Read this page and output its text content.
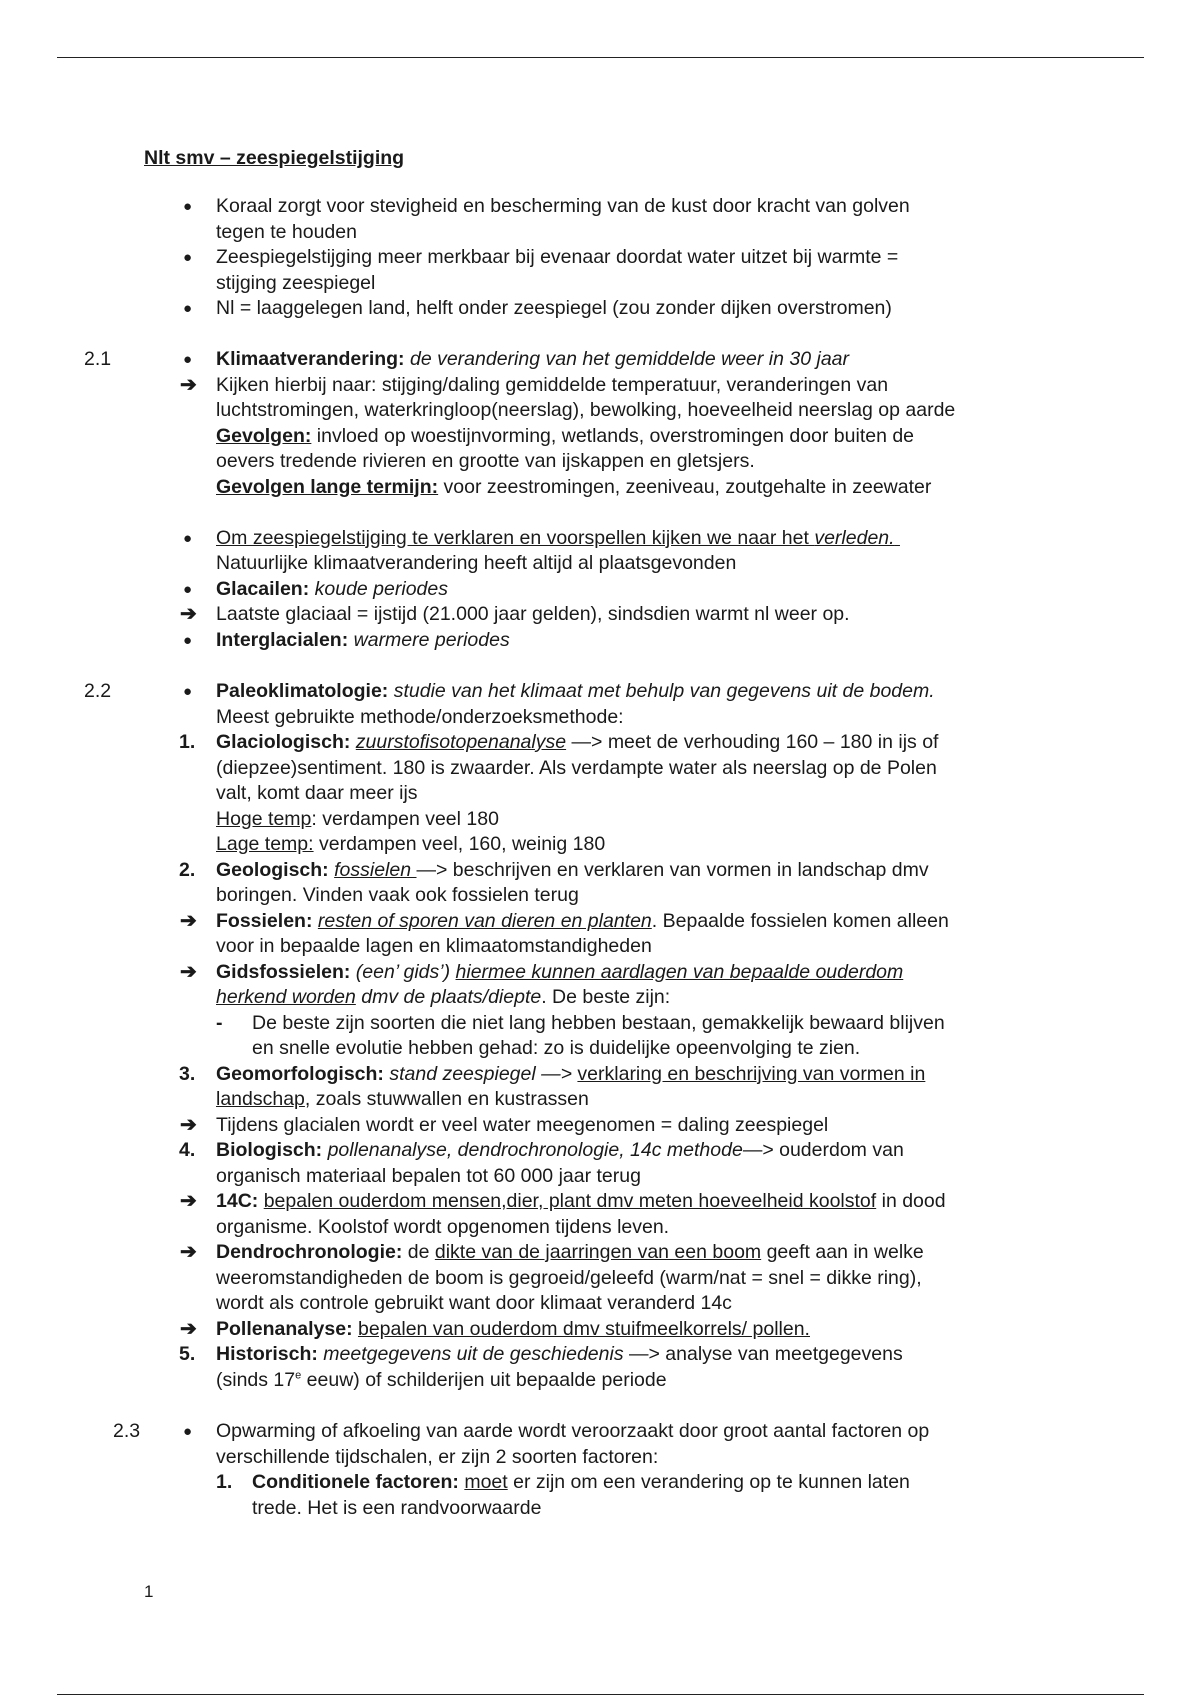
Nlt smv – zeespiegelstijging
● Koraal zorgt voor stevigheid en bescherming van de kust door kracht van golven
tegen te houden
● Zeespiegelstijging meer merkbaar bij evenaar doordat water uitzet bij warmte =
stijging zeespiegel
● Nl = laaggelegen land, helft onder zeespiegel (zou zonder dijken overstromen)
2.1	● Klimaatverandering: de verandering van het gemiddelde weer in 30 jaar
➔ Kijken hierbij naar: stijging/daling gemiddelde temperatuur, veranderingen van
luchtstromingen, waterkringloop(neerslag), bewolking, hoeveelheid neerslag op aarde
Gevolgen: invloed op woestijnvorming, wetlands, overstromingen door buiten de
oevers tredende rivieren en grootte van ijskappen en gletsjers.
Gevolgen lange termijn: voor zeestromingen, zeeniveau, zoutgehalte in zeewater
● Om zeespiegelstijging te verklaren en voorspellen kijken we naar het verleden.
Natuurlijke klimaatverandering heeft altijd al plaatsgevonden
● Glacailen: koude periodes
➔ Laatste glaciaal = ijstijd (21.000 jaar gelden), sindsdien warmt nl weer op.
● Interglacialen: warmere periodes
2.2	● Paleoklimatologie: studie van het klimaat met behulp van gegevens uit de bodem.
Meest gebruikte methode/onderzoeksmethode:
1. Glaciologisch: zuurstofisotopenanalyse —> meet de verhouding 160 – 180 in ijs of
(diepzee)sentiment. 180 is zwaarder. Als verdampte water als neerslag op de Polen
valt, komt daar meer ijs
Hoge temp: verdampen veel 180
Lage temp: verdampen veel, 160, weinig 180
2. Geologisch: fossielen —> beschrijven en verklaren van vormen in landschap dmv
boringen. Vinden vaak ook fossielen terug
➔ Fossielen: resten of sporen van dieren en planten. Bepaalde fossielen komen alleen
voor in bepaalde lagen en klimaatomstandigheden
➔ Gidsfossielen: (een’ gids’) hiermee kunnen aardlagen van bepaalde ouderdom
herkend worden dmv de plaats/diepte. De beste zijn:
- De beste zijn soorten die niet lang hebben bestaan, gemakkelijk bewaard blijven
en snelle evolutie hebben gehad: zo is duidelijke opeenvolging te zien.
3. Geomorfologisch: stand zeespiegel —> verklaring en beschrijving van vormen in
landschap, zoals stuwwallen en kustrassen
➔ Tijdens glacialen wordt er veel water meegenomen = daling zeespiegel
4. Biologisch: pollenanalyse, dendrochronologie, 14c methode—> ouderdom van
organisch materiaal bepalen tot 60 000 jaar terug
➔ 14C: bepalen ouderdom mensen,dier, plant dmv meten hoeveelheid koolstof in dood
organisme. Koolstof wordt opgenomen tijdens leven.
➔ Dendrochronologie: de dikte van de jaarringen van een boom geeft aan in welke
weeromstandigheden de boom is gegroeid/geleefd (warm/nat = snel = dikke ring),
wordt als controle gebruikt want door klimaat veranderd 14c
➔ Pollenanalyse: bepalen van ouderdom dmv stuifmeelkorrels/ pollen.
5. Historisch: meetgegevens uit de geschiedenis —> analyse van meetgegevens
(sinds 17e eeuw) of schilderijen uit bepaalde periode
2.3	● Opwarming of afkoeling van aarde wordt veroorzaakt door groot aantal factoren op
verschillende tijdschalen, er zijn 2 soorten factoren:
1. Conditionele factoren: moet er zijn om een verandering op te kunnen laten
trede. Het is een randvoorwaarde
1
